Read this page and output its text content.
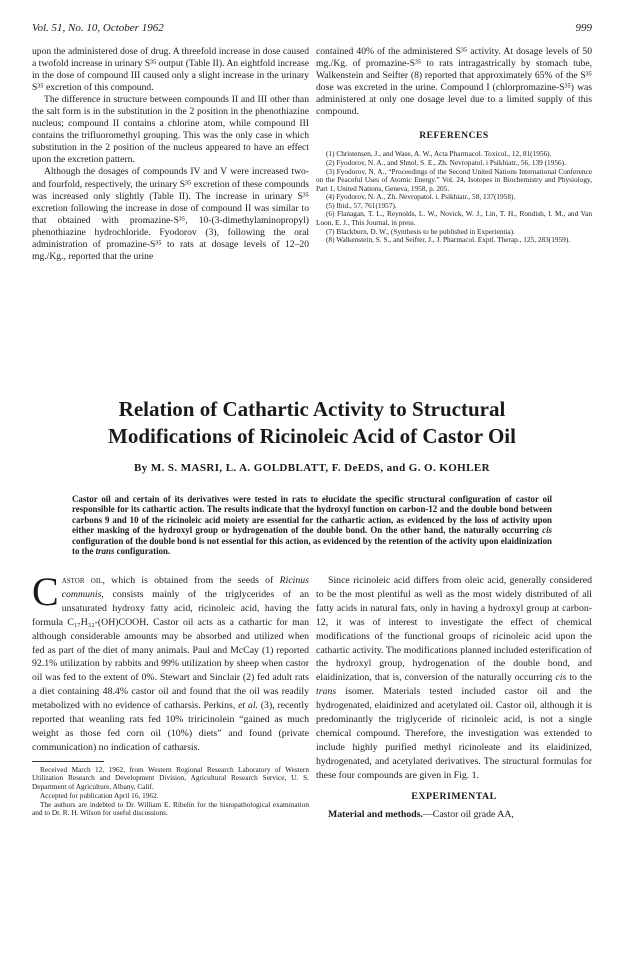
Vol. 51, No. 10, October 1962	999

upon the administered dose of drug. A threefold increase in dose caused a twofold increase in urinary S³⁵ output (Table II). An eightfold increase in the dose of compound III caused only a slight increase in the urinary S³⁵ excretion of this compound.

The difference in structure between compounds II and III other than the salt form is in the substitution in the 2 position in the phenothiazine nucleus; compound II contains a chlorine atom, while compound III contains the trifluoromethyl grouping. This was the only case in which substitution in the 2 position of the nucleus appeared to have an effect upon the excretion pattern.

Although the dosages of compounds IV and V were increased two- and fourfold, respectively, the urinary S³⁵ excretion of these compounds was increased only slightly (Table II). The increase in urinary S³⁵ excretion following the increase in dose of compound II was similar to that obtained with promazine-S³⁵, 10-(3-dimethylaminopropyl) phenothiazine hydrochloride. Fyodorov (3), following the oral administration of promazine-S³⁵ to rats at dosage levels of 12–20 mg./Kg., reported that the urine

contained 40% of the administered S³⁵ activity. At dosage levels of 50 mg./Kg. of promazine-S³⁵ to rats intragastrically by stomach tube, Walkenstein and Seifter (8) reported that approximately 65% of the S³⁵ dose was excreted in the urine. Compound I (chlorpromazine-S³⁵) was administered at only one dosage level due to a limited supply of this compound.

REFERENCES

(1) Christensen, J., and Wase, A. W., Acta Pharmacol. Toxicol., 12, 81(1956).

(2) Fyodorov, N. A., and Shnol, S. E., Zh. Nevropatol. i Psikhiatr., 56, 139 (1956).

(3) Fyodorov, N. A., “Proceedings of the Second United Nations International Conference on the Peaceful Uses of Atomic Energy.” Vol. 24, Isotopes in Biochemistry and Physiology, Part 1, United Nations, Geneva, 1958, p. 205.

(4) Fyodorov, N. A., Zh. Nevropatol. i. Psikhiatr., 58, 137(1958).

(5) Ibid., 57, 761(1957).

(6) Flanagan, T. L., Reynolds, L. W., Novick, W. J., Lin, T. H., Rondish, I. M., and Van Loon, E. J., This Journal, in press.

(7) Blackburn, D. W., (Synthesis to be published in Experientia).

(8) Walkenstein, S. S., and Seifter, J., J. Pharmacol. Exptl. Therap., 125, 283(1959).

Relation of Cathartic Activity to Structural
Modifications of Ricinoleic Acid of Castor Oil
By M. S. MASRI, L. A. GOLDBLATT, F. DeEDS, and G. O. KOHLER
Castor oil and certain of its derivatives were tested in rats to elucidate the specific structural configuration of castor oil responsible for its cathartic action. The results indicate that the hydroxyl function on carbon-12 and the double bond between carbons 9 and 10 of the ricinoleic acid moiety are essential for the cathartic action, as evidenced by the loss of activity upon either masking of the hydroxyl group or hydrogenation of the double bond. On the other hand, the naturally occurring cis configuration of the double bond is not essential for this action, as evidenced by the retention of the activity upon elaidinization to the trans configuration.

Castor oil, which is obtained from the seeds of Ricinus communis, consists mainly of the triglycerides of an unsaturated hydroxy fatty acid, ricinoleic acid, having the formula C₁₇H₃₂-(OH)COOH. Castor oil acts as a cathartic for man although considerable amounts may be absorbed and utilized when fed as part of the diet of many animals. Paul and McCay (1) reported 92.1% utilization by rabbits and 99% utilization by sheep when castor oil was fed to the extent of 0%. Stewart and Sinclair (2) fed adult rats a diet containing 48.4% castor oil and found that the oil was readily metabolized with no evidence of catharsis. Perkins, et al. (3), recently reported that weanling rats fed 10% triricinolein “gained as much weight as those fed corn oil (10%) diets” and found (private communication) no indication of catharsis.

Received March 12, 1962, from Western Regional Research Laboratory of Western Utilization Research and Development Division, Agricultural Research Service, U. S. Department of Agriculture, Albany, Calif.

Accepted for publication April 16, 1962.

The authors are indebted to Dr. William E. Ribelin for the histopathological examination and to Dr. R. H. Wilson for useful discussions.

Since ricinoleic acid differs from oleic acid, generally considered to be the most plentiful as well as the most widely distributed of all fatty acids in natural fats, only in having a hydroxyl group at carbon-12, it was of interest to investigate the effect of chemical modifications of the functional groups of ricinoleic acid upon the cathartic activity. The modifications planned included esterification of the hydroxyl group, hydrogenation of the double bond, and elaidinization, that is, conversion of the naturally occurring cis to the trans isomer. Materials tested included castor oil and the hydrogenated, elaidinized and acetylated oil. Castor oil, although it is predominantly the triglyceride of ricinoleic acid, is not a single chemical compound. Therefore, the investigation was extended to include highly purified methyl ricinoleate and its elaidinized, hydrogenated, and acetylated derivatives. The structural formulas for these four compounds are given in Fig. 1.

EXPERIMENTAL

Material and methods.—Castor oil grade AA,
